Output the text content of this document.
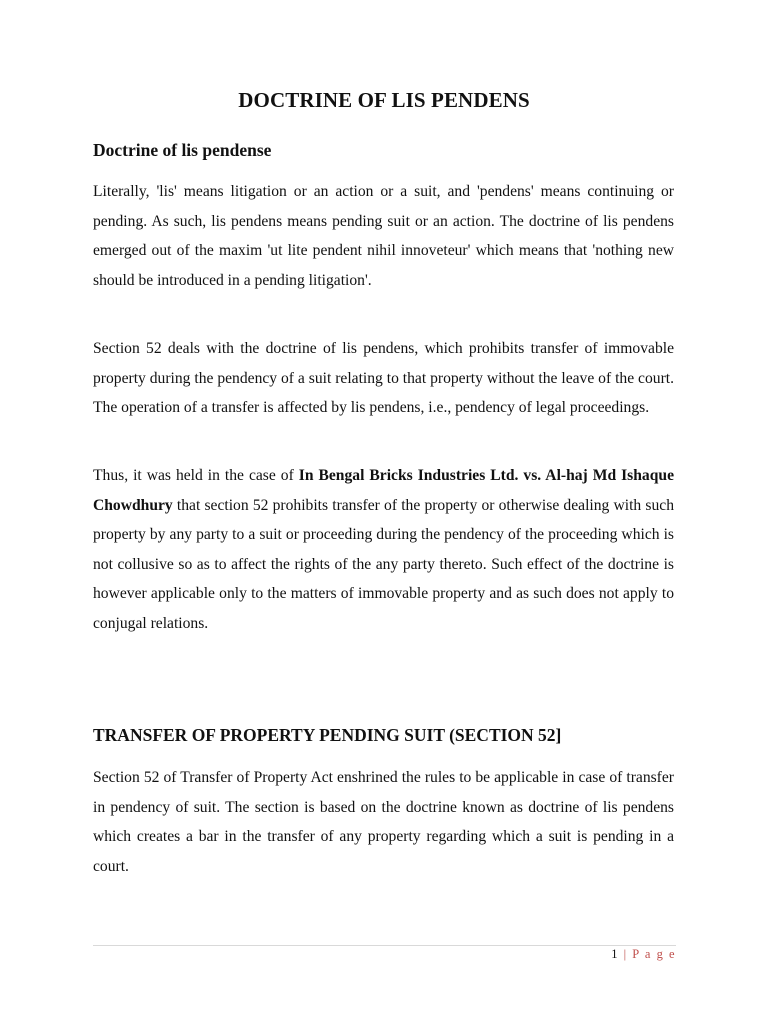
DOCTRINE OF LIS PENDENS
Doctrine of lis pendense

Literally, 'lis' means litigation or an action or a suit, and 'pendens' means continuing or pending. As such, lis pendens means pending suit or an action. The doctrine of lis pendens emerged out of the maxim 'ut lite pendent nihil innoveteur' which means that 'nothing new should be introduced in a pending litigation'.

Section 52 deals with the doctrine of lis pendens, which prohibits transfer of immovable property during the pendency of a suit relating to that property without the leave of the court. The operation of a transfer is affected by lis pendens, i.e., pendency of legal proceedings.

Thus, it was held in the case of In Bengal Bricks Industries Ltd. vs. Al-haj Md Ishaque Chowdhury that section 52 prohibits transfer of the property or otherwise dealing with such property by any party to a suit or proceeding during the pendency of the proceeding which is not collusive so as to affect the rights of the any party thereto. Such effect of the doctrine is however applicable only to the matters of immovable property and as such does not apply to conjugal relations.

TRANSFER OF PROPERTY PENDING SUIT (SECTION 52]

Section 52 of Transfer of Property Act enshrined the rules to be applicable in case of transfer in pendency of suit. The section is based on the doctrine known as doctrine of lis pendens which creates a bar in the transfer of any property regarding which a suit is pending in a court.

1 | P a g e
